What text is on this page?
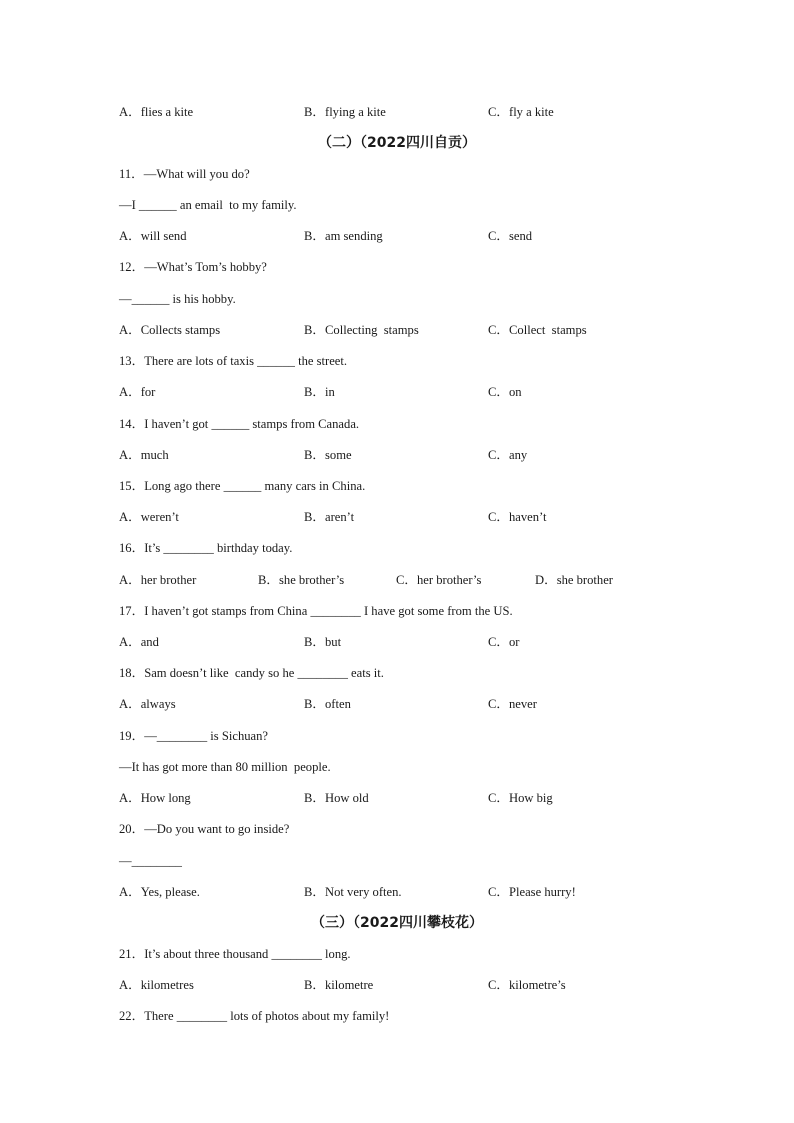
A．flies a kite	B．flying a kite	C．fly a kite
（二）（2022四川自贡）
11．—What will you do?
—I ______ an email  to my family.
A．will send	B．am sending	C．send
12．—What’s Tom’s hobby?
—______ is his hobby.
A．Collects stamps	B．Collecting  stamps	C．Collect  stamps
13．There are lots of taxis ______ the street.
A．for	B．in	C．on
14．I haven’t got ______ stamps from Canada.
A．much	B．some	C．any
15．Long ago there ______ many cars in China.
A．weren’t	B．aren’t	C．haven’t
16．It’s ________ birthday today.
A．her brother	B．she brother’s	C．her brother’s	D．she brother
17．I haven’t got stamps from China ________ I have got some from the US.
A．and	B．but	C．or
18．Sam doesn’t like  candy so he ________ eats it.
A．always	B．often	C．never
19．—________ is Sichuan?
—It has got more than 80 million  people.
A．How long	B．How old	C．How big
20．—Do you want to go inside?
—________
A．Yes, please.	B．Not very often.	C．Please hurry!
（三）（2022四川攀枝花）
21．It’s about three thousand ________ long.
A．kilometres	B．kilometre	C．kilometre’s
22．There ________ lots of photos about my family!
